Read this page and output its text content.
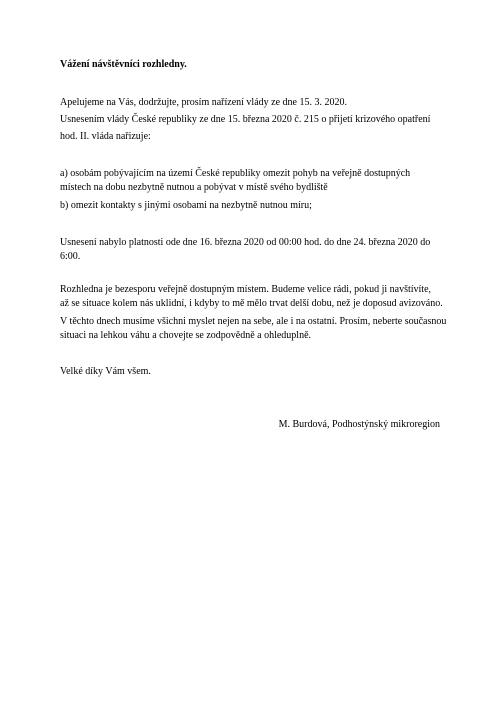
Vážení návštěvníci rozhledny.
Apelujeme na Vás, dodržujte, prosím nařízení vlády ze dne 15. 3. 2020.
Usnesením vlády České republiky ze dne 15. března 2020 č. 215 o přijetí krizového opatření
hod. II. vláda nařizuje:
a) osobám pobývajícím na území České republiky omezit pohyb na veřejně dostupných
místech na dobu nezbytně nutnou a pobývat v místě svého bydliště
b) omezit kontakty s jinými osobami na nezbytně nutnou míru;
Usnesení nabylo platnosti ode dne 16. března 2020 od 00:00 hod. do dne 24. března 2020 do
6:00.
Rozhledna je bezesporu veřejně dostupným místem. Budeme velice rádi, pokud ji navštívíte,
až se situace kolem nás uklidní, i kdyby to mě mělo trvat delší dobu, než je doposud avizováno.
V těchto dnech musíme všichni myslet nejen na sebe, ale i na ostatní. Prosím, neberte současnou
situaci na lehkou váhu a chovejte se zodpovědně a ohleduplně.
Velké díky Vám všem.
M. Burdová, Podhostýnský mikroregion
